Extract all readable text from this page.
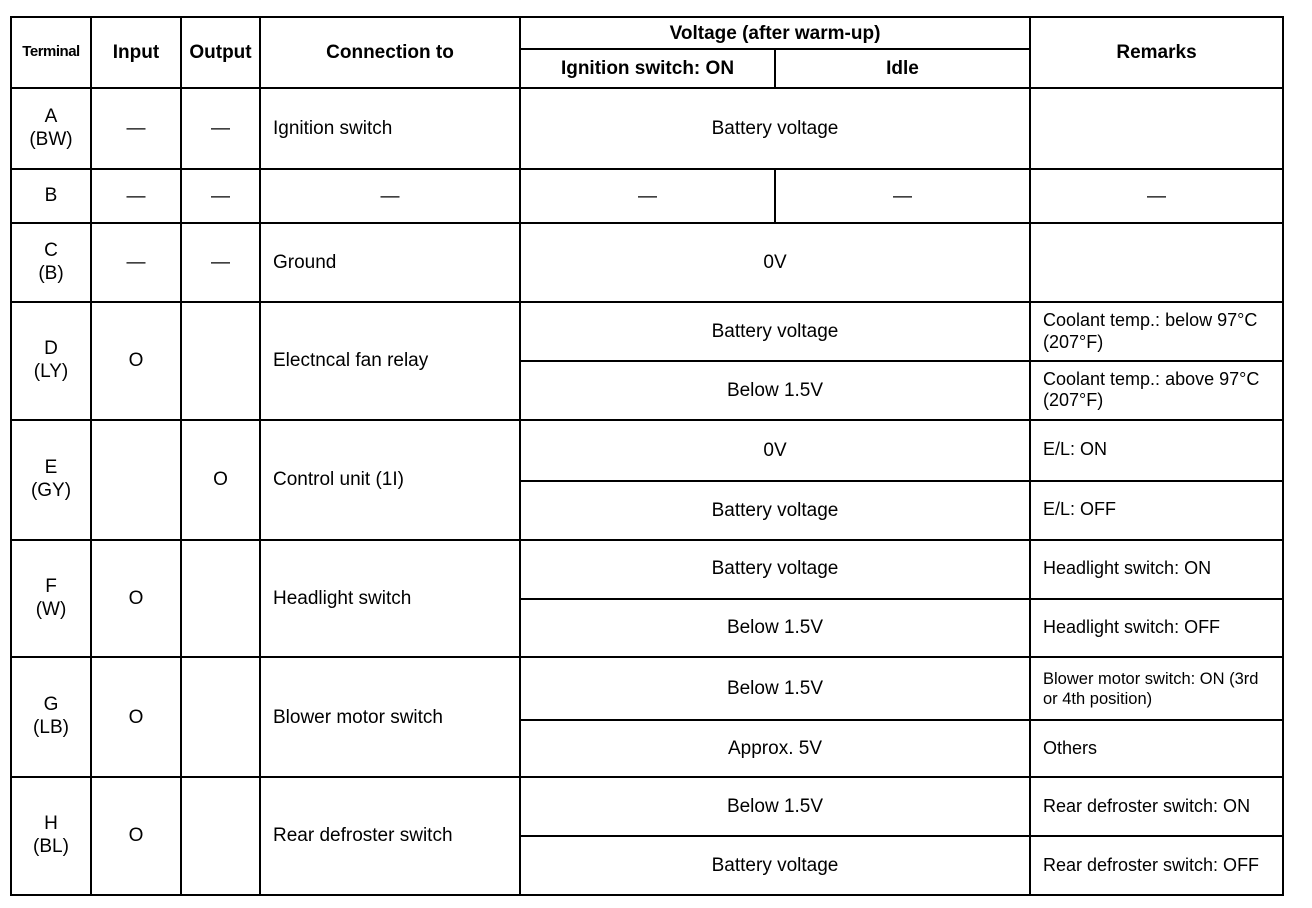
Terminal	Input	Output	Connection to	Voltage (after warm-up)		Remarks
				Ignition switch: ON	Idle	

A
(BW)	—	—	Ignition switch	Battery voltage		

B	—	—	—	—	—	—

C
(B)	—	—	Ground	0V		

D
(LY)	O		Electncal fan relay	Battery voltage		Coolant temp.: below 97°C (207°F)
				Below 1.5V		Coolant temp.: above 97°C (207°F)

E
(GY)		O	Control unit (1I)	0V		E/L: ON
				Battery voltage		E/L: OFF

F
(W)	O		Headlight switch	Battery voltage		Headlight switch: ON
				Below 1.5V		Headlight switch: OFF

G
(LB)	O		Blower motor switch	Below 1.5V		Blower motor switch: ON (3rd or 4th position)
				Approx. 5V		Others

H
(BL)	O		Rear defroster switch	Below 1.5V		Rear defroster switch: ON
				Battery voltage		Rear defroster switch: OFF
